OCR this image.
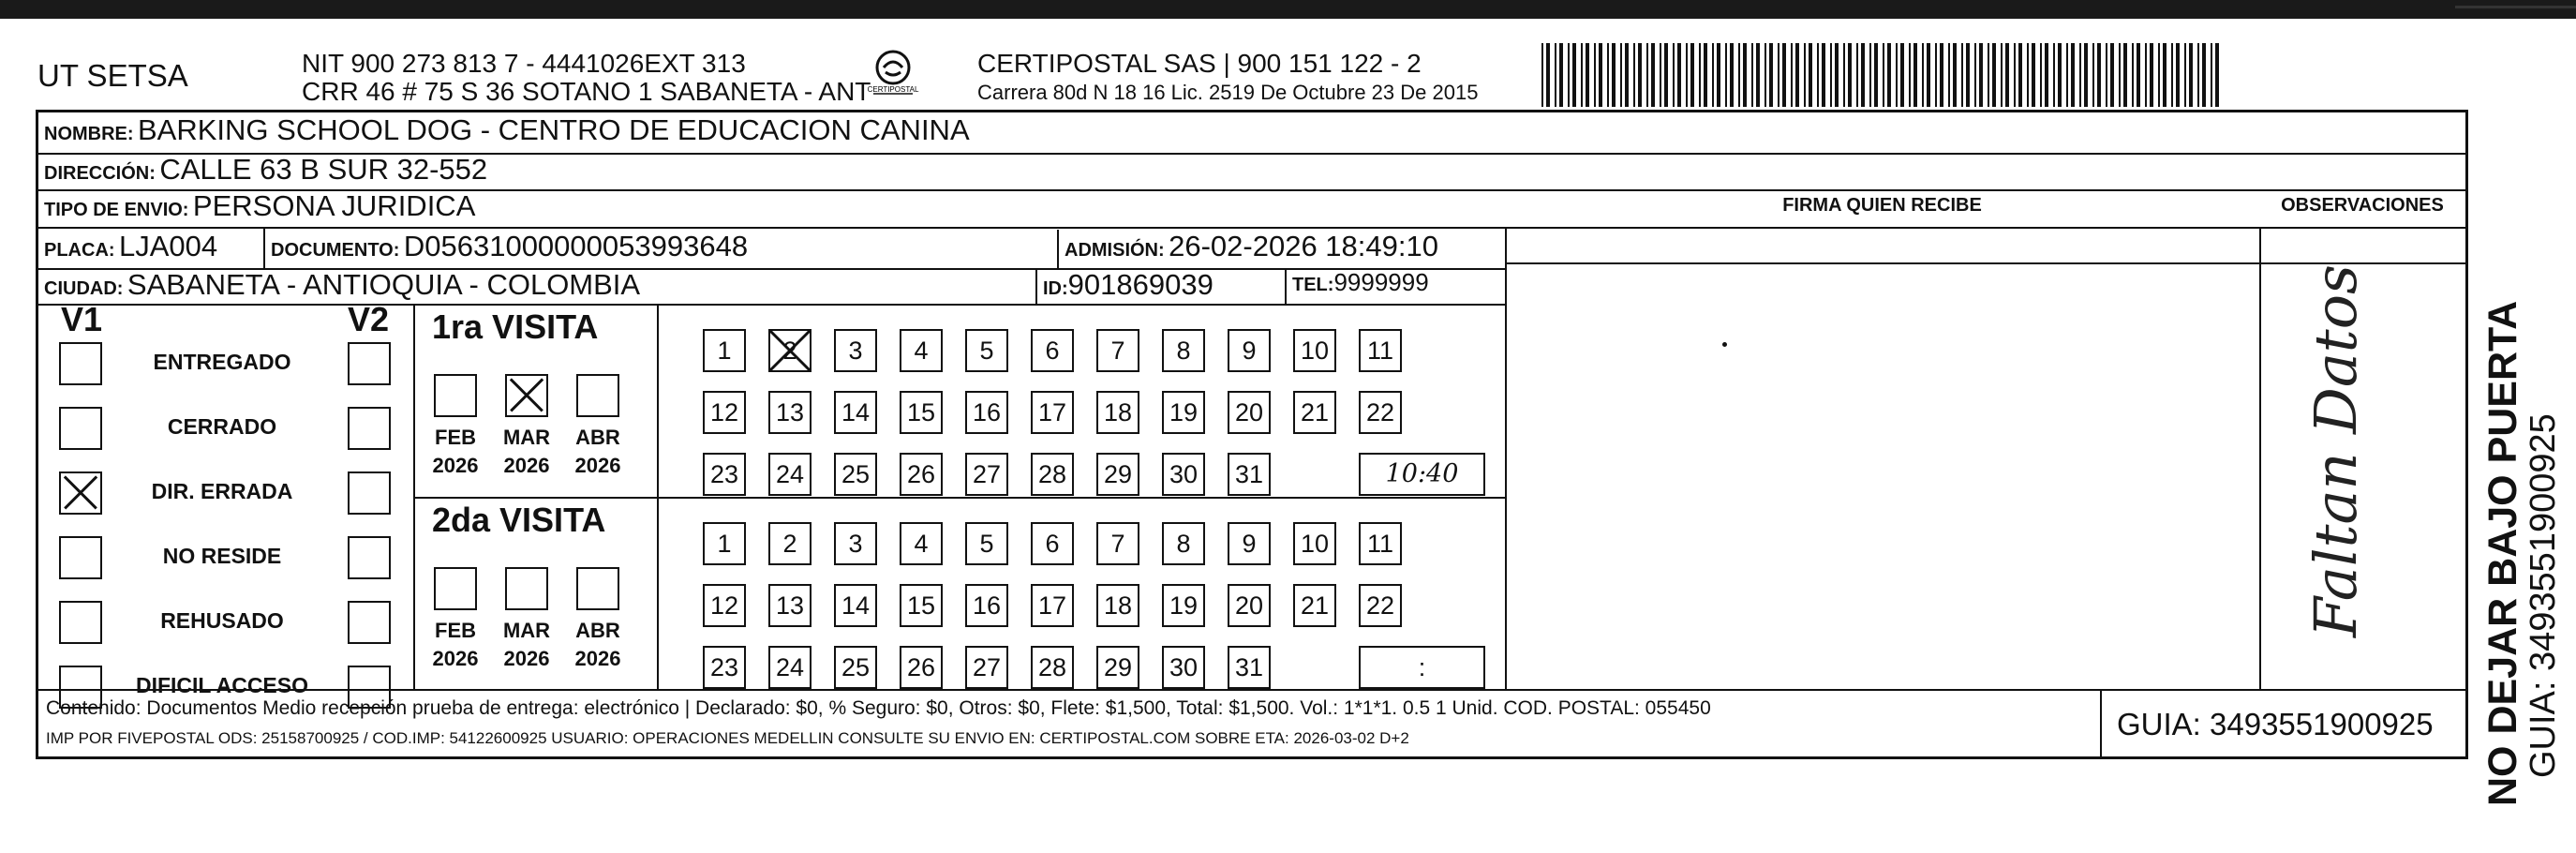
UT SETSA	NIT 900 273 813 7 - 4441026EXT 313
CRR 46 # 75 S 36 SOTANO 1 SABANETA - ANT
CERTIPOSTAL
CERTIPOSTAL SAS | 900 151 122 - 2
Carrera 80d N 18 16 Lic. 2519 De Octubre 23 De 2015
NOMBRE: BARKING SCHOOL DOG - CENTRO DE EDUCACION CANINA
DIRECCIÓN: CALLE 63 B SUR 32-552
TIPO DE ENVIO: PERSONA JURIDICA	FIRMA QUIEN RECIBE	OBSERVACIONES
PLACA: LJA004	DOCUMENTO: D056310000000539936​48	ADMISIÓN: 26-02-2026 18:49:10
CIUDAD: SABANETA - ANTIOQUIA - COLOMBIA	ID:901869039	TEL:9999999
V1	V2
ENTREGADO
CERRADO
DIR. ERRADA
NO RESIDE
REHUSADO
DIFICIL ACCESO
1ra VISITA
FEB
2026
MAR
2026
ABR
2026
1	2	3	4	5	6	7	8	9	10	11
12 13 14 15 16 17 18 19 20 21 22
23 24 25 26 27 28 29 30 31	10:40
2da VISITA
FEB
2026
MAR
2026
ABR
2026
1	2	3	4	5	6	7	8	9	10	11
12 13 14 15 16 17 18 19 20 21 22
23 24 25 26 27 28 29 30 31	:
Faltan Datos
Contenido: Documentos Medio recepción prueba de entrega: electrónico | Declarado: $0, % Seguro: $0, Otros: $0, Flete: $1,500, Total: $1,500. Vol.: 1*1*1. 0.5 1 Unid. COD. POSTAL: 055450
IMP POR FIVEPOSTAL ODS: 25158700925 / COD.IMP: 54122600925 USUARIO: OPERACIONES MEDELLIN CONSULTE SU ENVIO EN: CERTIPOSTAL.COM SOBRE ETA: 2026-03-02 D+2	GUIA: 3493551900925 NO DEJAR BAJO PUERTA
GUIA: 3493551900925
